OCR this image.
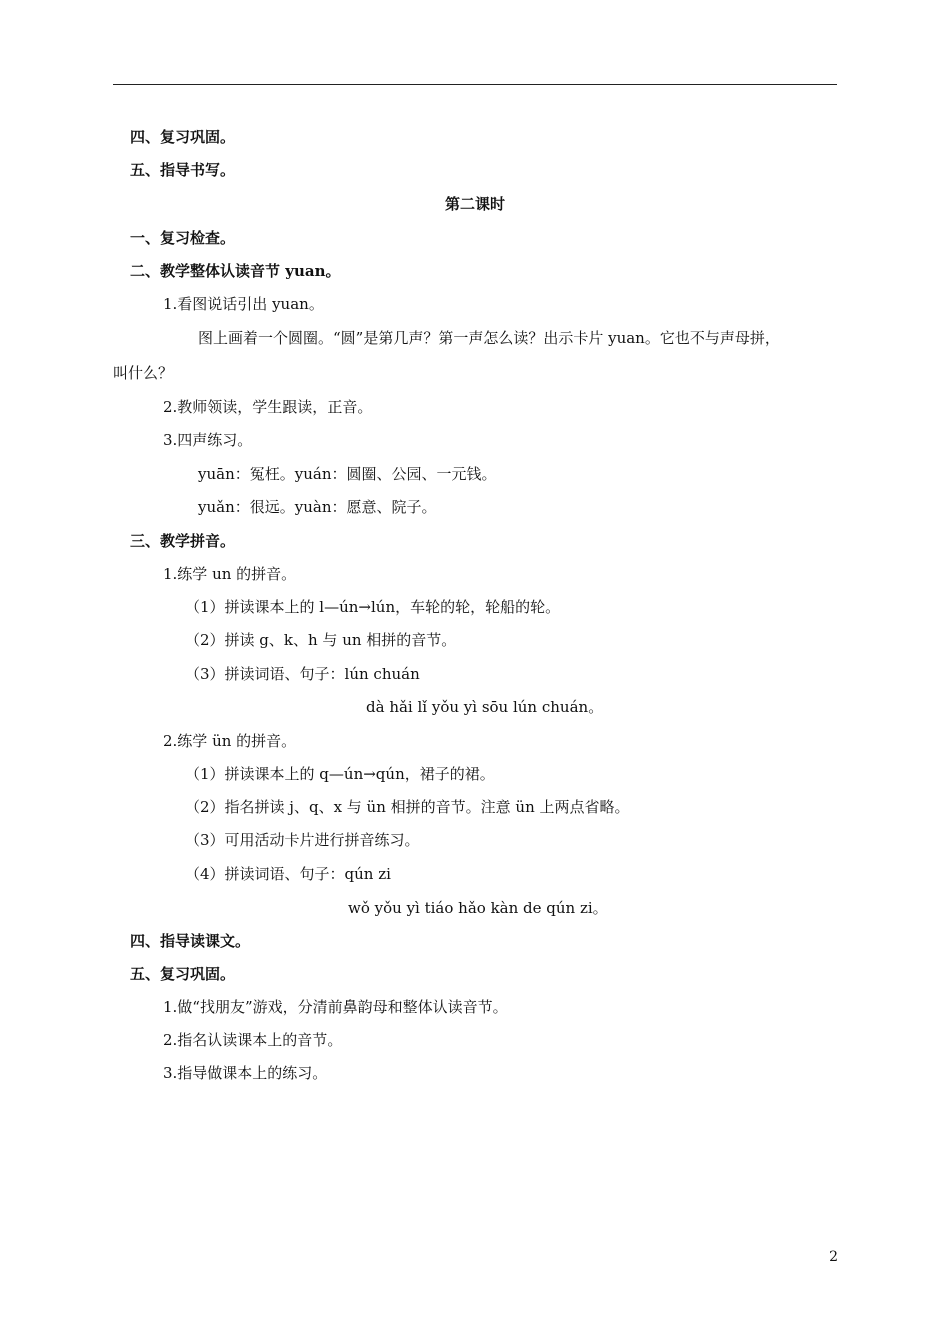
四、复习巩固。
五、指导书写。
第二课时
一、复习检查。
二、教学整体认读音节 yuan。
1.看图说话引出 yuan。
图上画着一个圆圈。“圆”是第几声？第一声怎么读？出示卡片 yuan。它也不与声母拼，
叫什么？
2.教师领读，学生跟读，正音。
3.四声练习。
yuān：冤枉。yuán：圆圈、公园、一元钱。
yuǎn：很远。yuàn：愿意、院子。
三、教学拼音。
1.练学 un 的拼音。
（1）拼读课本上的 l—ún→lún，车轮的轮，轮船的轮。
（2）拼读 g、k、h 与 un 相拼的音节。
（3）拼读词语、句子：lún chuán
dà hǎi lǐ yǒu yì sōu lún chuán。
2.练学 ün 的拼音。
（1）拼读课本上的 q—ún→qún，裙子的裙。
（2）指名拼读 j、q、x 与 ün 相拼的音节。注意 ün 上两点省略。
（3）可用活动卡片进行拼音练习。
（4）拼读词语、句子：qún zi
wǒ yǒu yì tiáo hǎo kàn de qún zi。
四、指导读课文。
五、复习巩固。
1.做“找朋友”游戏，分清前鼻韵母和整体认读音节。
2.指名认读课本上的音节。
3.指导做课本上的练习。
2
